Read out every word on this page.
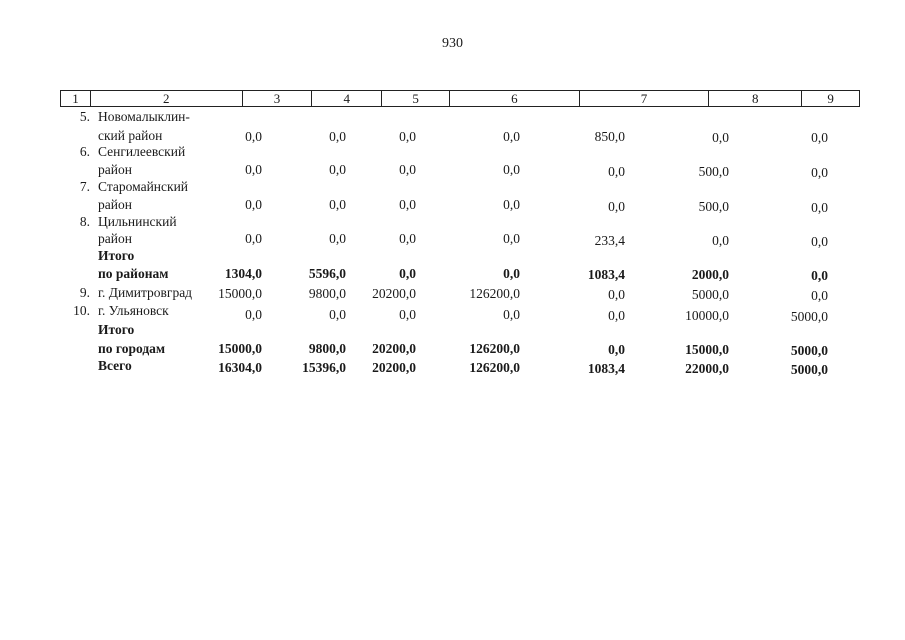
930
1	2	3	4	5	6	7	8	9
5. Новомалыклин-
ский район	0,0	0,0	0,0	0,0	850,0	0,0	0,0
6. Сенгилеевский
район	0,0	0,0	0,0	0,0	0,0	500,0	0,0
7. Старомайнский
район	0,0	0,0	0,0	0,0	0,0	500,0	0,0
8. Цильнинский
район	0,0	0,0	0,0	0,0	233,4	0,0	0,0
Итого
по районам	1304,0	5596,0	0,0	0,0	1083,4	2000,0	0,0
9. г. Димитровград	15000,0	9800,0	20200,0	126200,0	0,0	5000,0	0,0
10. г. Ульяновск	0,0	0,0	0,0	0,0	0,0	10000,0	5000,0
Итого
по городам	15000,0	9800,0	20200,0	126200,0	0,0	15000,0	5000,0
Всего	16304,0	15396,0	20200,0	126200,0	1083,4	22000,0	5000,0
